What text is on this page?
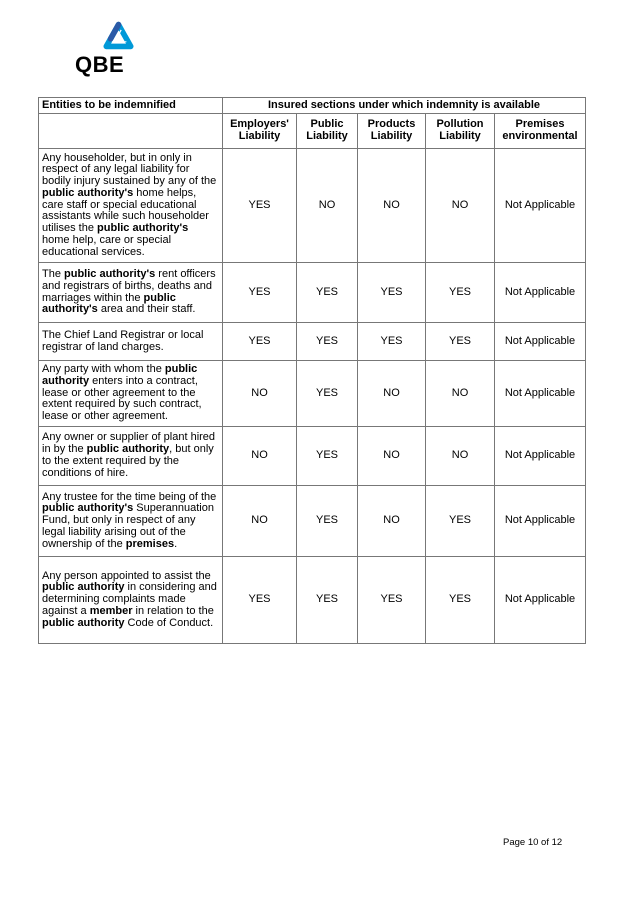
QBE
Entities to be indemnified	Insured sections under which indemnity is available				
	Employers' Liability	Public Liability	Products Liability	Pollution Liability	Premises environmental
Any householder, but in only in respect of any legal liability for bodily injury sustained by any of the public authority's home helps, care staff or special educational assistants while such householder utilises the public authority's home help, care or special educational services.	YES	NO	NO	NO	Not Applicable
The public authority's rent officers and registrars of births, deaths and marriages within the public authority's area and their staff.	YES	YES	YES	YES	Not Applicable
The Chief Land Registrar or local registrar of land charges.	YES	YES	YES	YES	Not Applicable
Any party with whom the public authority enters into a contract, lease or other agreement to the extent required by such contract, lease or other agreement.	NO	YES	NO	NO	Not Applicable
Any owner or supplier of plant hired in by the public authority, but only to the extent required by the conditions of hire.	NO	YES	NO	NO	Not Applicable
Any trustee for the time being of the public authority's Superannuation Fund, but only in respect of any legal liability arising out of the ownership of the premises.	NO	YES	NO	YES	Not Applicable
Any person appointed to assist the public authority in considering and determining complaints made against a member in relation to the public authority Code of Conduct.	YES	YES	YES	YES	Not Applicable
Page 10 of 12
